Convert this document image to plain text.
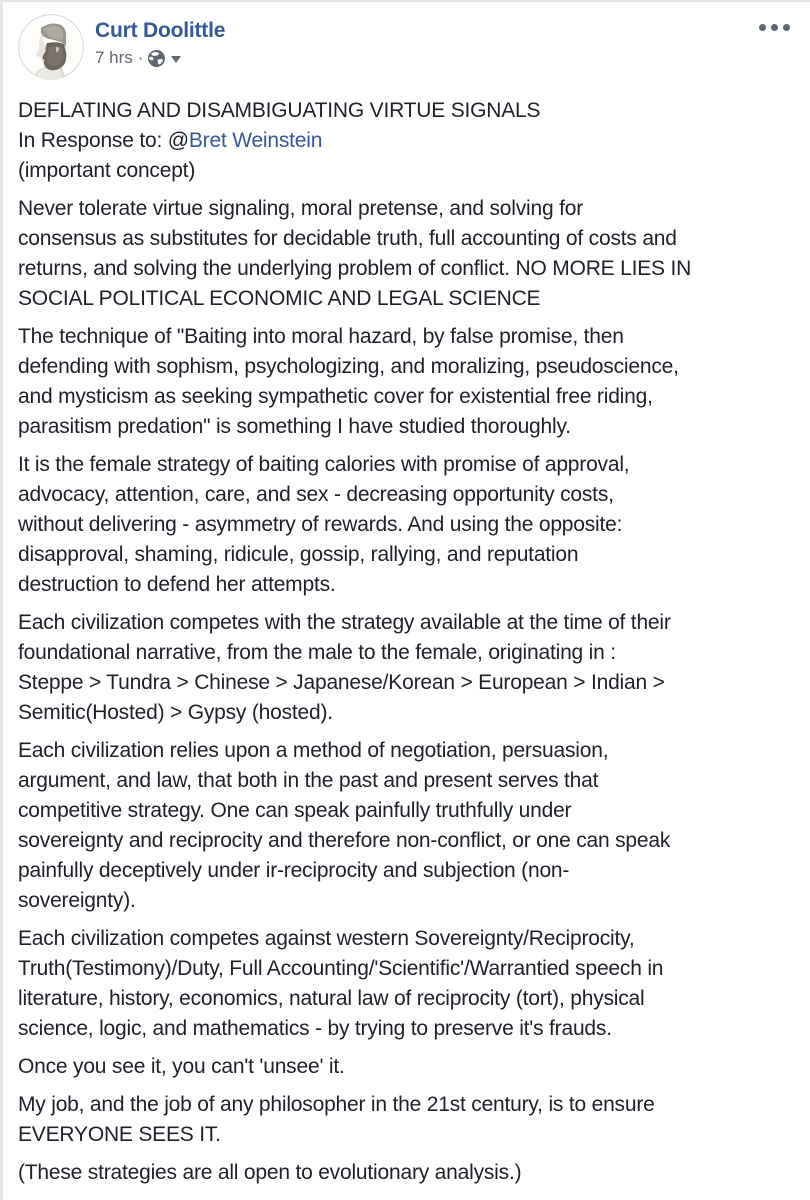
Curt Doolittle
7 hrs ·
DEFLATING AND DISAMBIGUATING VIRTUE SIGNALS
In Response to: @Bret Weinstein
(important concept)

Never tolerate virtue signaling, moral pretense, and solving for
consensus as substitutes for decidable truth, full accounting of costs and
returns, and solving the underlying problem of conflict. NO MORE LIES IN
SOCIAL POLITICAL ECONOMIC AND LEGAL SCIENCE

The technique of "Baiting into moral hazard, by false promise, then
defending with sophism, psychologizing, and moralizing, pseudoscience,
and mysticism as seeking sympathetic cover for existential free riding,
parasitism predation" is something I have studied thoroughly.

It is the female strategy of baiting calories with promise of approval,
advocacy, attention, care, and sex - decreasing opportunity costs,
without delivering - asymmetry of rewards. And using the opposite:
disapproval, shaming, ridicule, gossip, rallying, and reputation
destruction to defend her attempts.

Each civilization competes with the strategy available at the time of their
foundational narrative, from the male to the female, originating in :
Steppe > Tundra > Chinese > Japanese/Korean > European > Indian >
Semitic(Hosted) > Gypsy (hosted).

Each civilization relies upon a method of negotiation, persuasion,
argument, and law, that both in the past and present serves that
competitive strategy. One can speak painfully truthfully under
sovereignty and reciprocity and therefore non-conflict, or one can speak
painfully deceptively under ir-reciprocity and subjection (non-
sovereignty).

Each civilization competes against western Sovereignty/Reciprocity,
Truth(Testimony)/Duty, Full Accounting/'Scientific'/Warrantied speech in
literature, history, economics, natural law of reciprocity (tort), physical
science, logic, and mathematics - by trying to preserve it's frauds.

Once you see it, you can't 'unsee' it.

My job, and the job of any philosopher in the 21st century, is to ensure
EVERYONE SEES IT.

(These strategies are all open to evolutionary analysis.)
